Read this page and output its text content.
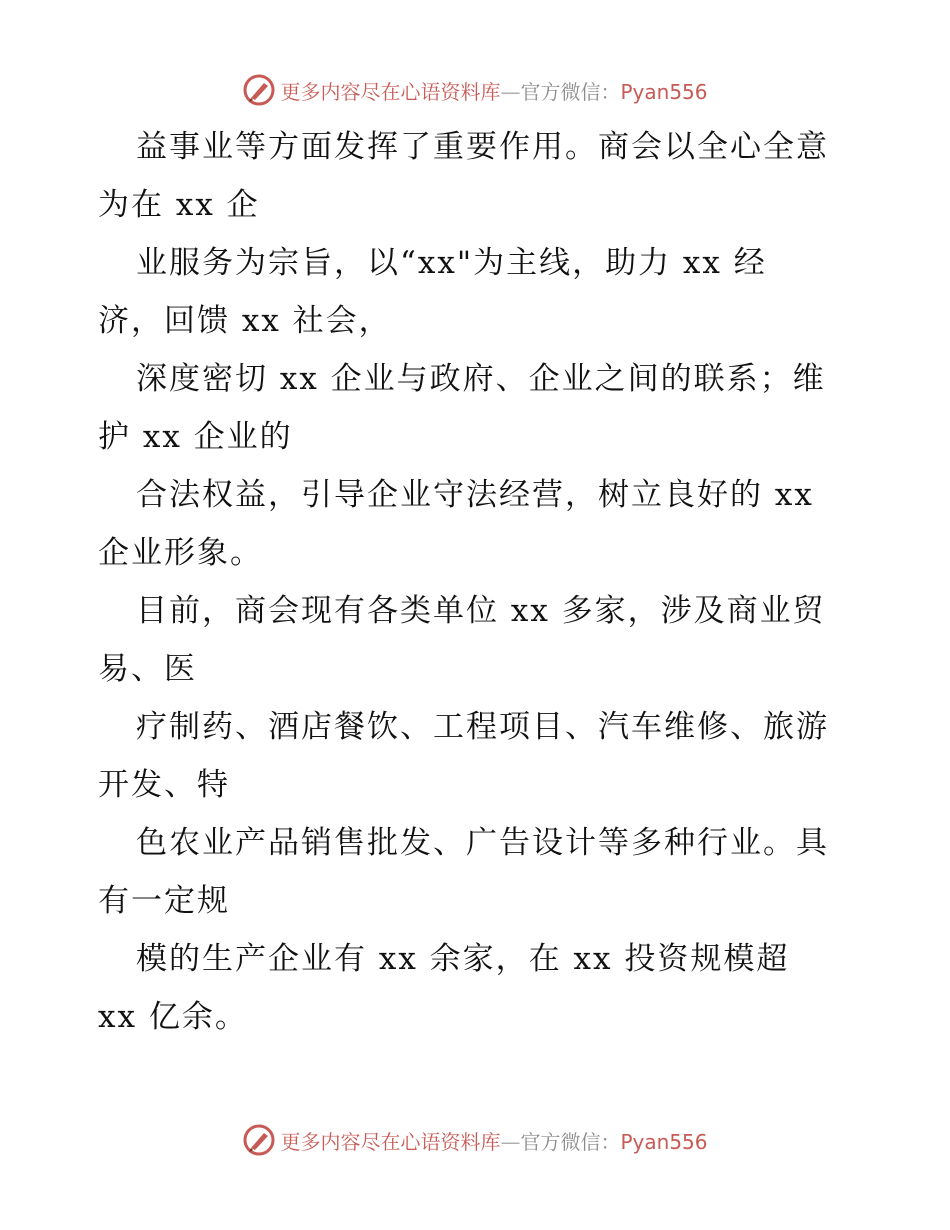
更多内容尽在心语资料库—官方微信：Pyan556
益事业等方面发挥了重要作用。商会以全心全意
为在 xx 企
业服务为宗旨，以“xx"为主线，助力 xx 经
济，回馈 xx 社会，
深度密切 xx 企业与政府、企业之间的联系；维
护 xx 企业的
合法权益，引导企业守法经营，树立良好的 xx
企业形象。
目前，商会现有各类单位 xx 多家，涉及商业贸
易、医
疗制药、酒店餐饮、工程项目、汽车维修、旅游
开发、特
色农业产品销售批发、广告设计等多种行业。具
有一定规
模的生产企业有 xx 余家，在 xx 投资规模超
xx 亿余。
更多内容尽在心语资料库—官方微信：Pyan556
